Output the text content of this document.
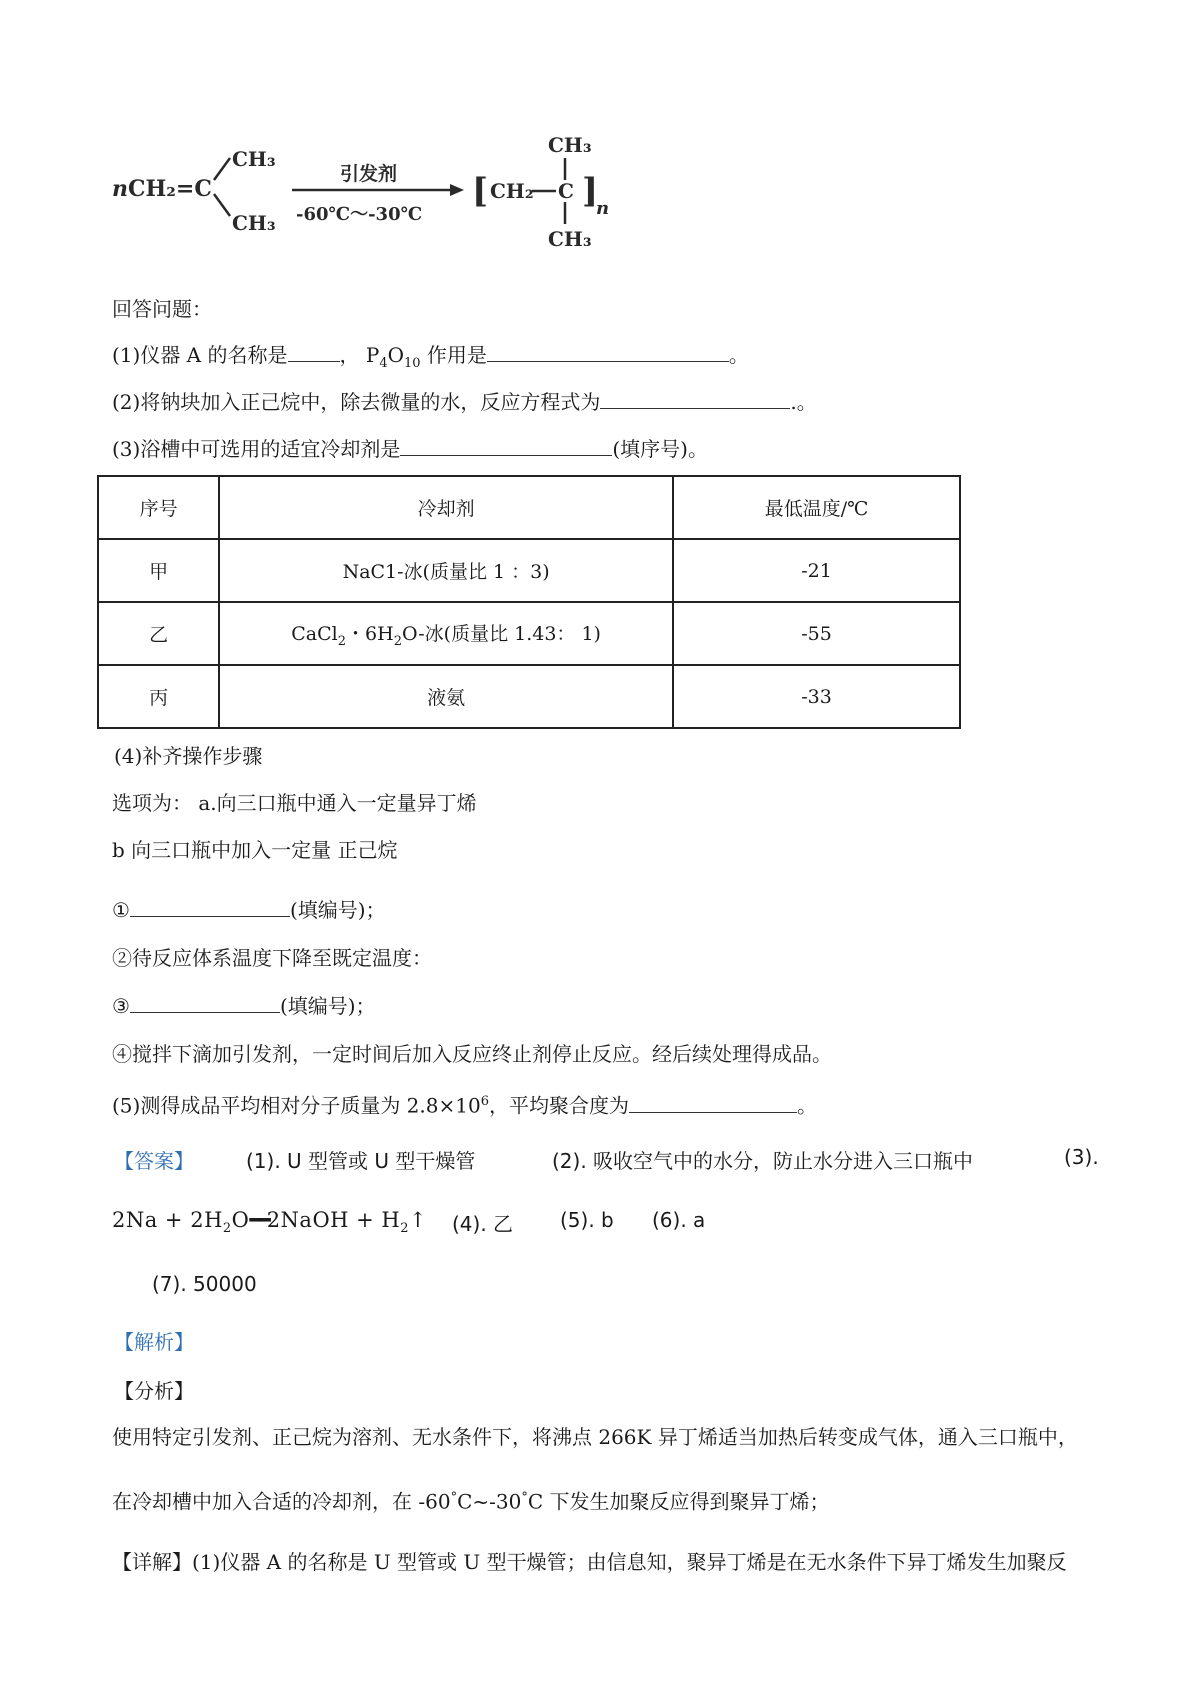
n CH₂=C
CH₃
CH₃
引发剂
-60℃～-30℃
[ CH₂ C
CH₃
CH₃
]
n
回答问题：
(1)仪器 A 的名称是	， $P_4O_{10}$ 作用是	。
(2)将钠块加入正己烷中，除去微量的水，反应方程式为	.。
(3)浴槽中可选用的适宜冷却剂是	(填序号)。
序号	冷却剂	最低温度/℃
甲	NaC1-冰(质量比 1 ：3)	-21
乙	CaCl$_2$・$6H_2O-$冰(质量比 1.43： 1)	-55
丙	液氨	-33
(4)补齐操作步骤
选项为： a.向三口瓶中通入一定量异丁烯
b 向三口瓶中加入一定量 正己烷
①	(填编号)；
②待反应体系温度下降至既定温度：
③	(填编号)；
④搅拌下滴加引发剂，一定时间后加入反应终止剂停止反应。经后续处理得成品。
(5)测得成品平均相对分子质量为 $2.8\times 10^6$，平均聚合度为	。
【答案】	(1). U 型管或 U 型干燥管	(2). 吸收空气中的水分，防止水分进入三口瓶中	(3).
$2Na + 2H_2O━━2NaOH$ + $H_2↑$ (4). 乙 (5). b (6). a
(7). 50000
【解析】
【分析】
使用特定引发剂、正己烷为溶剂、无水条件下，将沸点 266K 异丁烯适当加热后转变成气体，通入三口瓶中，
在冷却槽中加入合适的冷却剂，在 -60°C~-30°C 下发生加聚反应得到聚异丁烯；
【详解】(1)仪器 A 的名称是 U 型管或 U 型干燥管；由信息知，聚异丁烯是在无水条件下异丁烯发生加聚反
